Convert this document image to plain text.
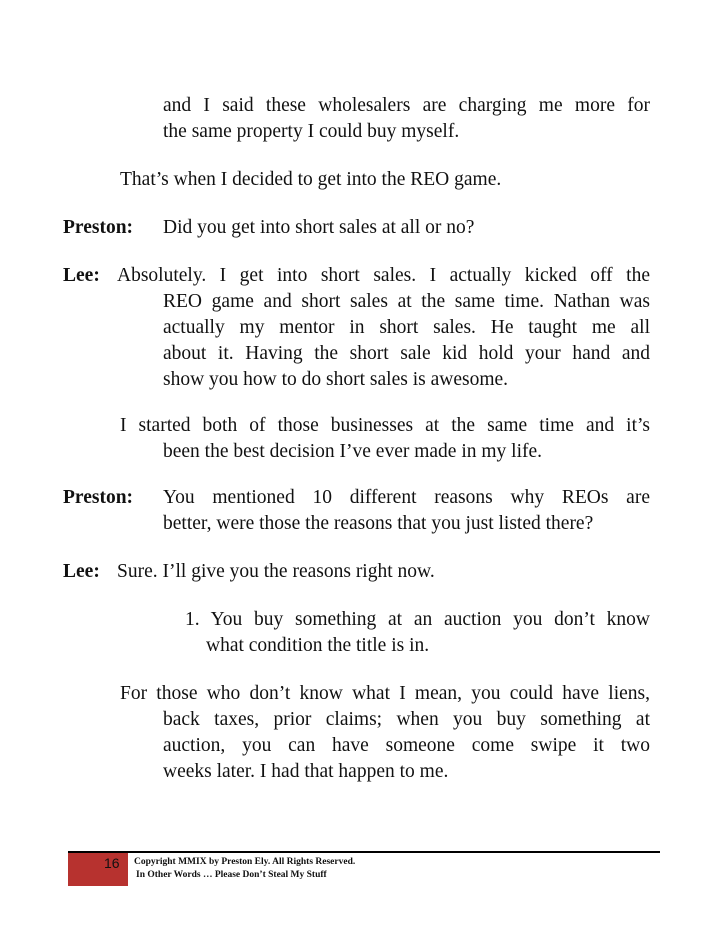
and I said these wholesalers are charging me more for
the same property I could buy myself.
That’s when I decided to get into the REO game.
Preston: Did you get into short sales at all or no?
Lee: Absolutely. I get into short sales. I actually kicked off the
REO game and short sales at the same time. Nathan was
actually my mentor in short sales. He taught me all
about it. Having the short sale kid hold your hand and
show you how to do short sales is awesome.
I started both of those businesses at the same time and it’s
been the best decision I’ve ever made in my life.
Preston: You mentioned 10 different reasons why REOs are
better, were those the reasons that you just listed there?
Lee: Sure. I’ll give you the reasons right now.
1. You buy something at an auction you don’t know
what condition the title is in.
For those who don’t know what I mean, you could have liens,
back taxes, prior claims; when you buy something at
auction, you can have someone come swipe it two
weeks later. I had that happen to me.
16 Copyright MMIX by Preston Ely. All Rights Reserved.
In Other Words … Please Don’t Steal My Stuff
